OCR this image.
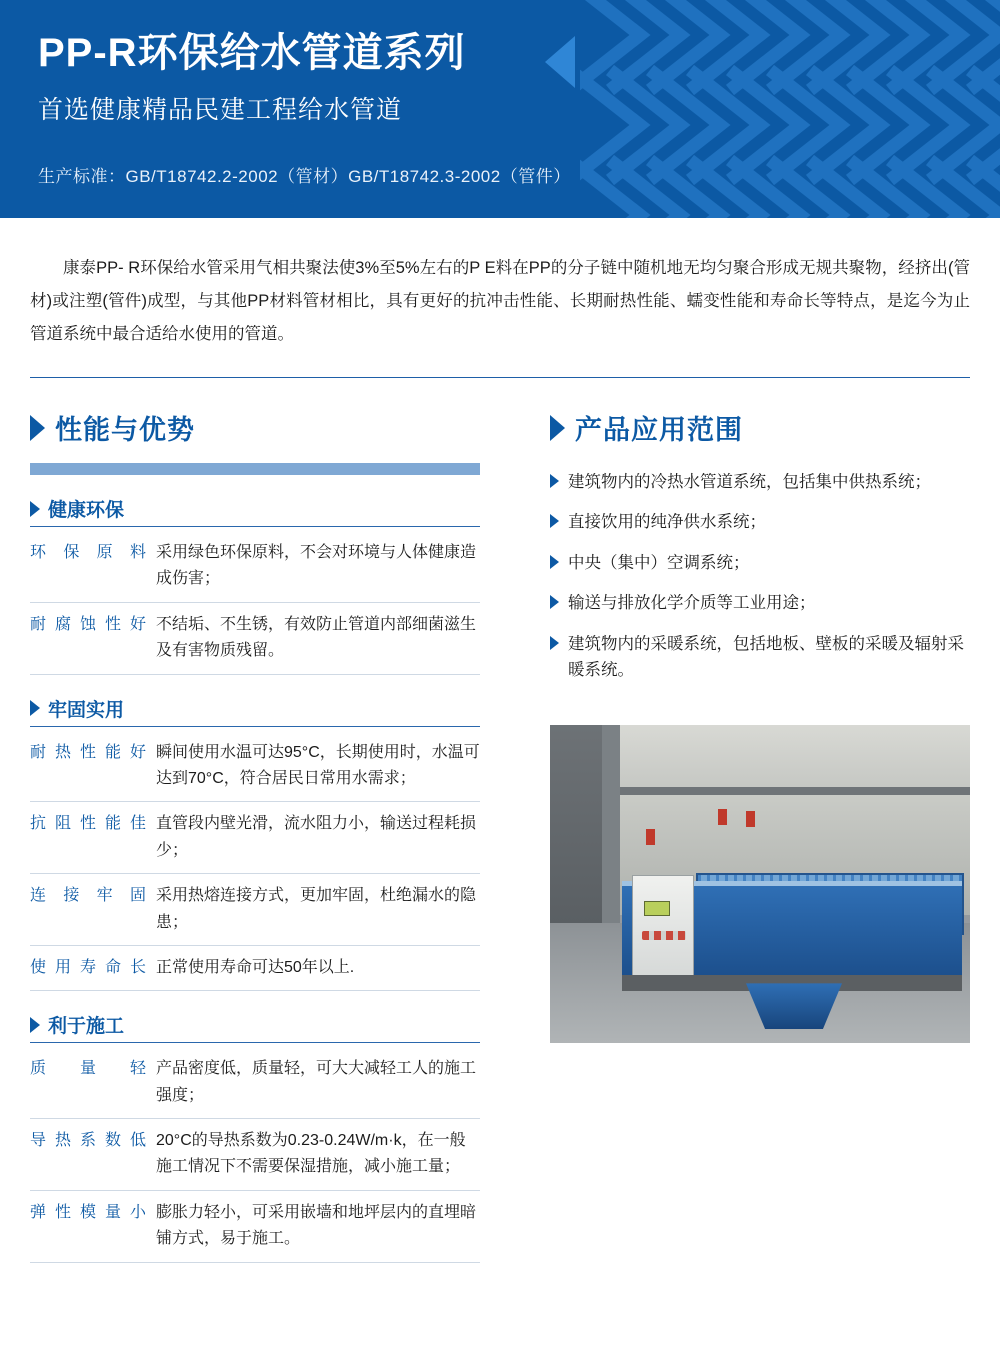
PP-R环保给水管道系列
首选健康精品民建工程给水管道
生产标准：GB/T18742.2-2002（管材）GB/T18742.3-2002（管件）
康泰PP- R环保给水管采用气相共聚法使3%至5%左右的P E料在PP的分子链中随机地无均匀聚合形成无规共聚物，经挤出(管材)或注塑(管件)成型，与其他PP材料管材相比，具有更好的抗冲击性能、长期耐热性能、蠕变性能和寿命长等特点，是迄今为止管道系统中最合适给水使用的管道。
性能与优势
健康环保
环保原料 采用绿色环保原料，不会对环境与人体健康造成伤害；
耐腐蚀性好 不结垢、不生锈，有效防止管道内部细菌滋生及有害物质残留。
牢固实用
耐热性能好 瞬间使用水温可达95°C，长期使用时，水温可达到70°C，符合居民日常用水需求；
抗阻性能佳 直管段内壁光滑，流水阻力小，输送过程耗损少；
连接牢固 采用热熔连接方式，更加牢固，杜绝漏水的隐患；
使用寿命长 正常使用寿命可达50年以上.
利于施工
质量轻 产品密度低，质量轻，可大大减轻工人的施工强度；
导热系数低 20°C的导热系数为0.23-0.24W/m·k，在一般施工情况下不需要保湿措施，减小施工量；
弹性模量小 膨胀力轻小，可采用嵌墙和地坪层内的直埋暗铺方式，易于施工。
产品应用范围
建筑物内的冷热水管道系统，包括集中供热系统；
直接饮用的纯净供水系统；
中央（集中）空调系统；
输送与排放化学介质等工业用途；
建筑物内的采暖系统，包括地板、壁板的采暖及辐射采暖系统。
